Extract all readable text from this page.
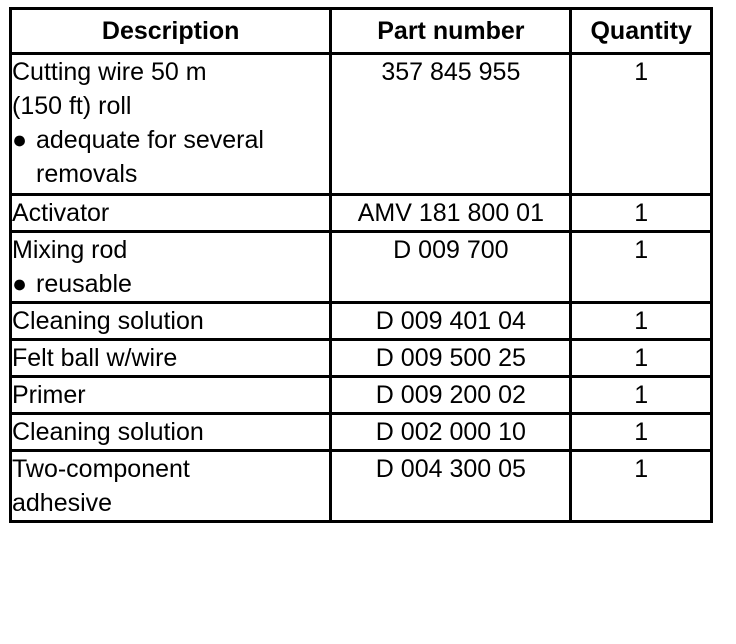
Description	Part number	Quantity

Cutting wire 50 m
(150 ft) roll
● adequate for several
removals	357 845 955	1

Activator	AMV 181 800 01	1

Mixing rod
● reusable	D 009 700	1

Cleaning solution	D 009 401 04	1

Felt ball w/wire	D 009 500 25	1

Primer	D 009 200 02	1

Cleaning solution	D 002 000 10	1

Two-component
adhesive	D 004 300 05	1
